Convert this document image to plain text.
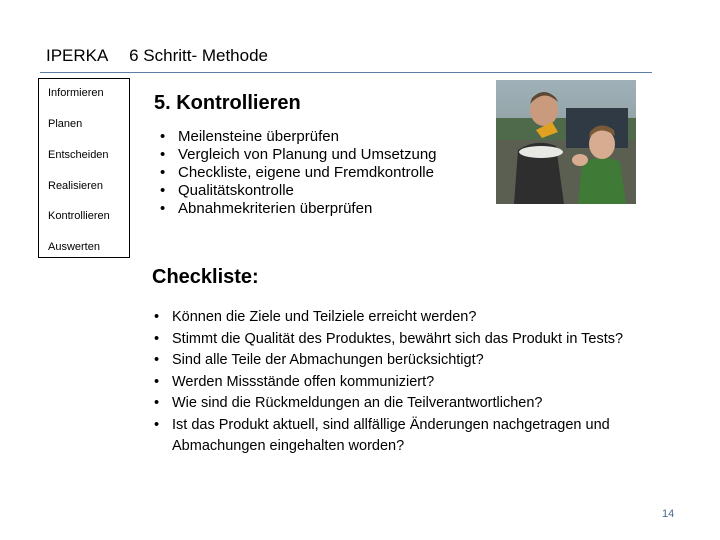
IPERKA 6 Schritt- Methode
Informieren
Planen
Entscheiden
Realisieren
Kontrollieren
Auswerten
5. Kontrollieren
• Meilensteine überprüfen
• Vergleich von Planung und Umsetzung
• Checkliste, eigene und Fremdkontrolle
• Qualitätskontrolle
• Abnahmekriterien überprüfen
Checkliste:
• Können die Ziele und Teilziele erreicht werden?
• Stimmt die Qualität des Produktes, bewährt sich das Produkt in Tests?
• Sind alle Teile der Abmachungen berücksichtigt?
• Werden Missstände offen kommuniziert?
• Wie sind die Rückmeldungen an die Teilverantwortlichen?
• Ist das Produkt aktuell, sind allfällige Änderungen nachgetragen und Abmachungen eingehalten worden?
14
